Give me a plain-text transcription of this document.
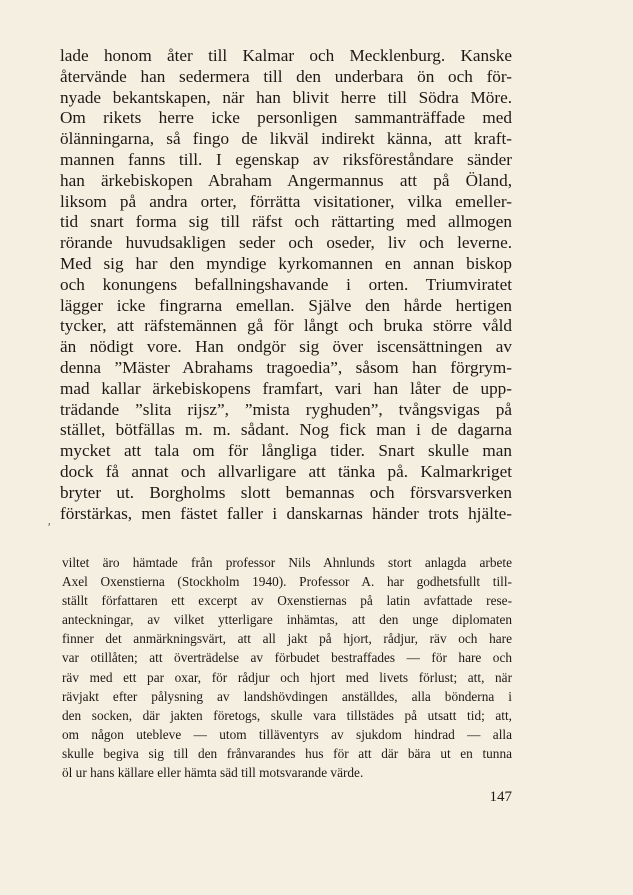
lade honom åter till Kalmar och Mecklenburg. Kanske
återvände han sedermera till den underbara ön och för-
nyade bekantskapen, när han blivit herre till Södra Möre.
Om rikets herre icke personligen sammanträffade med
ölänningarna, så fingo de likväl indirekt känna, att kraft-
mannen fanns till. I egenskap av riksföreståndare sänder
han ärkebiskopen Abraham Angermannus att på Öland,
liksom på andra orter, förrätta visitationer, vilka emeller-
tid snart forma sig till räfst och rättarting med allmogen
rörande huvudsakligen seder och oseder, liv och leverne.
Med sig har den myndige kyrkomannen en annan biskop
och konungens befallningshavande i orten. Triumviratet
lägger icke fingrarna emellan. Själve den hårde hertigen
tycker, att räfstemännen gå för långt och bruka större våld
än nödigt vore. Han ondgör sig över iscensättningen av
denna ”Mäster Abrahams tragoedia”, såsom han förgrym-
mad kallar ärkebiskopens framfart, vari han låter de upp-
trädande ”slita rijsz”, ”mista ryghuden”, tvångsvigas på
stället, bötfällas m. m. sådant. Nog fick man i de dagarna
mycket att tala om för långliga tider. Snart skulle man
dock få annat och allvarligare att tänka på. Kalmarkriget
bryter ut. Borgholms slott bemannas och försvarsverken
förstärkas, men fästet faller i danskarnas händer trots hjälte-
ʹ
viltet äro hämtade från professor Nils Ahnlunds stort anlagda arbete
Axel Oxenstierna (Stockholm 1940). Professor A. har godhetsfullt till-
ställt författaren ett excerpt av Oxenstiernas på latin avfattade rese-
anteckningar, av vilket ytterligare inhämtas, att den unge diplomaten
finner det anmärkningsvärt, att all jakt på hjort, rådjur, räv och hare
var otillåten; att överträdelse av förbudet bestraffades — för hare och
räv med ett par oxar, för rådjur och hjort med livets förlust; att, när
rävjakt efter pålysning av landshövdingen anställdes, alla bönderna i
den socken, där jakten företogs, skulle vara tillstädes på utsatt tid; att,
om någon utebleve — utom tilläventyrs av sjukdom hindrad — alla
skulle begiva sig till den frånvarandes hus för att där bära ut en tunna
öl ur hans källare eller hämta säd till motsvarande värde.
147
